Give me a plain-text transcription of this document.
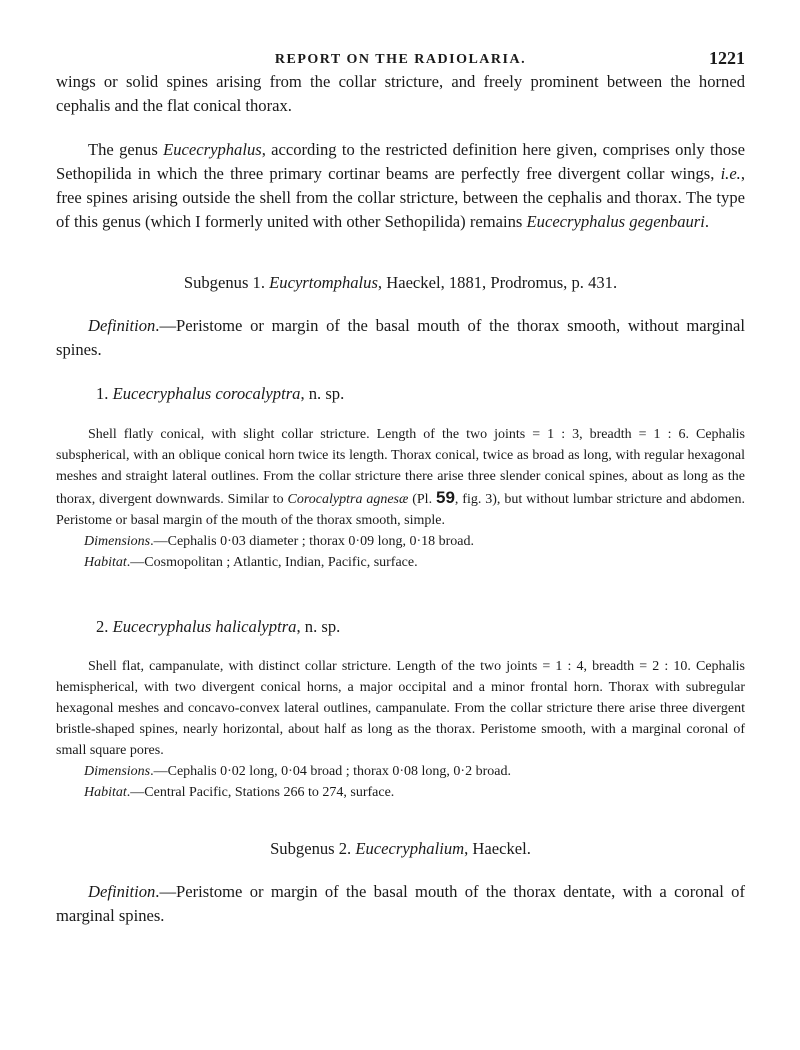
REPORT ON THE RADIOLARIA.	1221

wings or solid spines arising from the collar stricture, and freely prominent between the horned cephalis and the flat conical thorax.

The genus Eucecryphalus, according to the restricted definition here given, comprises only those Sethopilida in which the three primary cortinar beams are perfectly free divergent collar wings, i.e., free spines arising outside the shell from the collar stricture, between the cephalis and thorax. The type of this genus (which I formerly united with other Sethopilida) remains Eucecryphalus gegenbauri.

Subgenus 1. Eucyrtomphalus, Haeckel, 1881, Prodromus, p. 431.

Definition.—Peristome or margin of the basal mouth of the thorax smooth, without marginal spines.

1. Eucecryphalus corocalyptra, n. sp.

Shell flatly conical, with slight collar stricture. Length of the two joints = 1 : 3, breadth = 1 : 6. Cephalis subspherical, with an oblique conical horn twice its length. Thorax conical, twice as broad as long, with regular hexagonal meshes and straight lateral outlines. From the collar stricture there arise three slender conical spines, about as long as the thorax, divergent downwards. Similar to Corocalyptra agnesæ (Pl. 59, fig. 3), but without lumbar stricture and abdomen. Peristome or basal margin of the mouth of the thorax smooth, simple.

Dimensions.—Cephalis 0·03 diameter ; thorax 0·09 long, 0·18 broad.

Habitat.—Cosmopolitan ; Atlantic, Indian, Pacific, surface.

2. Eucecryphalus halicalyptra, n. sp.

Shell flat, campanulate, with distinct collar stricture. Length of the two joints = 1 : 4, breadth = 2 : 10. Cephalis hemispherical, with two divergent conical horns, a major occipital and a minor frontal horn. Thorax with subregular hexagonal meshes and concavo-convex lateral outlines, campanulate. From the collar stricture there arise three divergent bristle-shaped spines, nearly horizontal, about half as long as the thorax. Peristome smooth, with a marginal coronal of small square pores.

Dimensions.—Cephalis 0·02 long, 0·04 broad ; thorax 0·08 long, 0·2 broad.

Habitat.—Central Pacific, Stations 266 to 274, surface.

Subgenus 2. Eucecryphalium, Haeckel.

Definition.—Peristome or margin of the basal mouth of the thorax dentate, with a coronal of marginal spines.
